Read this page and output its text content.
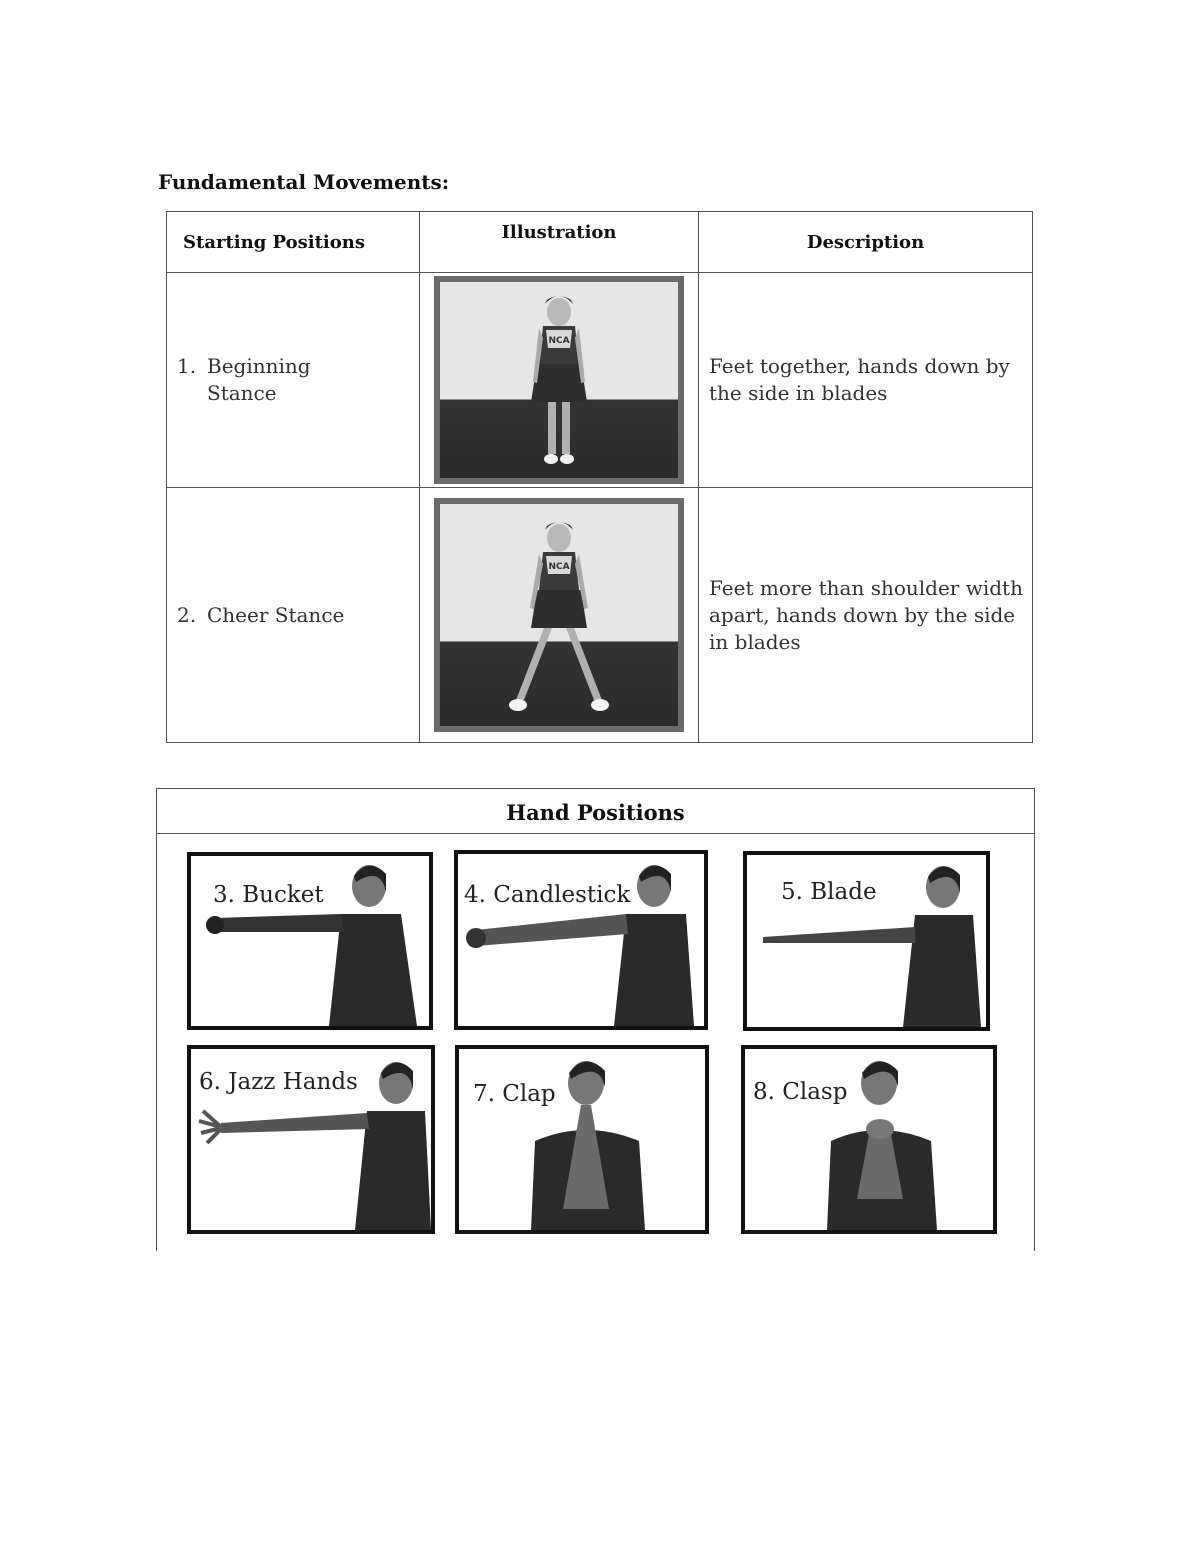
Fundamental Movements:
Starting Positions	Illustration	Description

1. Beginning
Stance	NCA	Feet together, hands down by the side in blades

2. Cheer Stance	NCA	Feet more than shoulder width apart, hands down by the side in blades
Hand Positions
3. Bucket	4. Candlestick	5. Blade
6. Jazz Hands	7. Clap	8. Clasp
